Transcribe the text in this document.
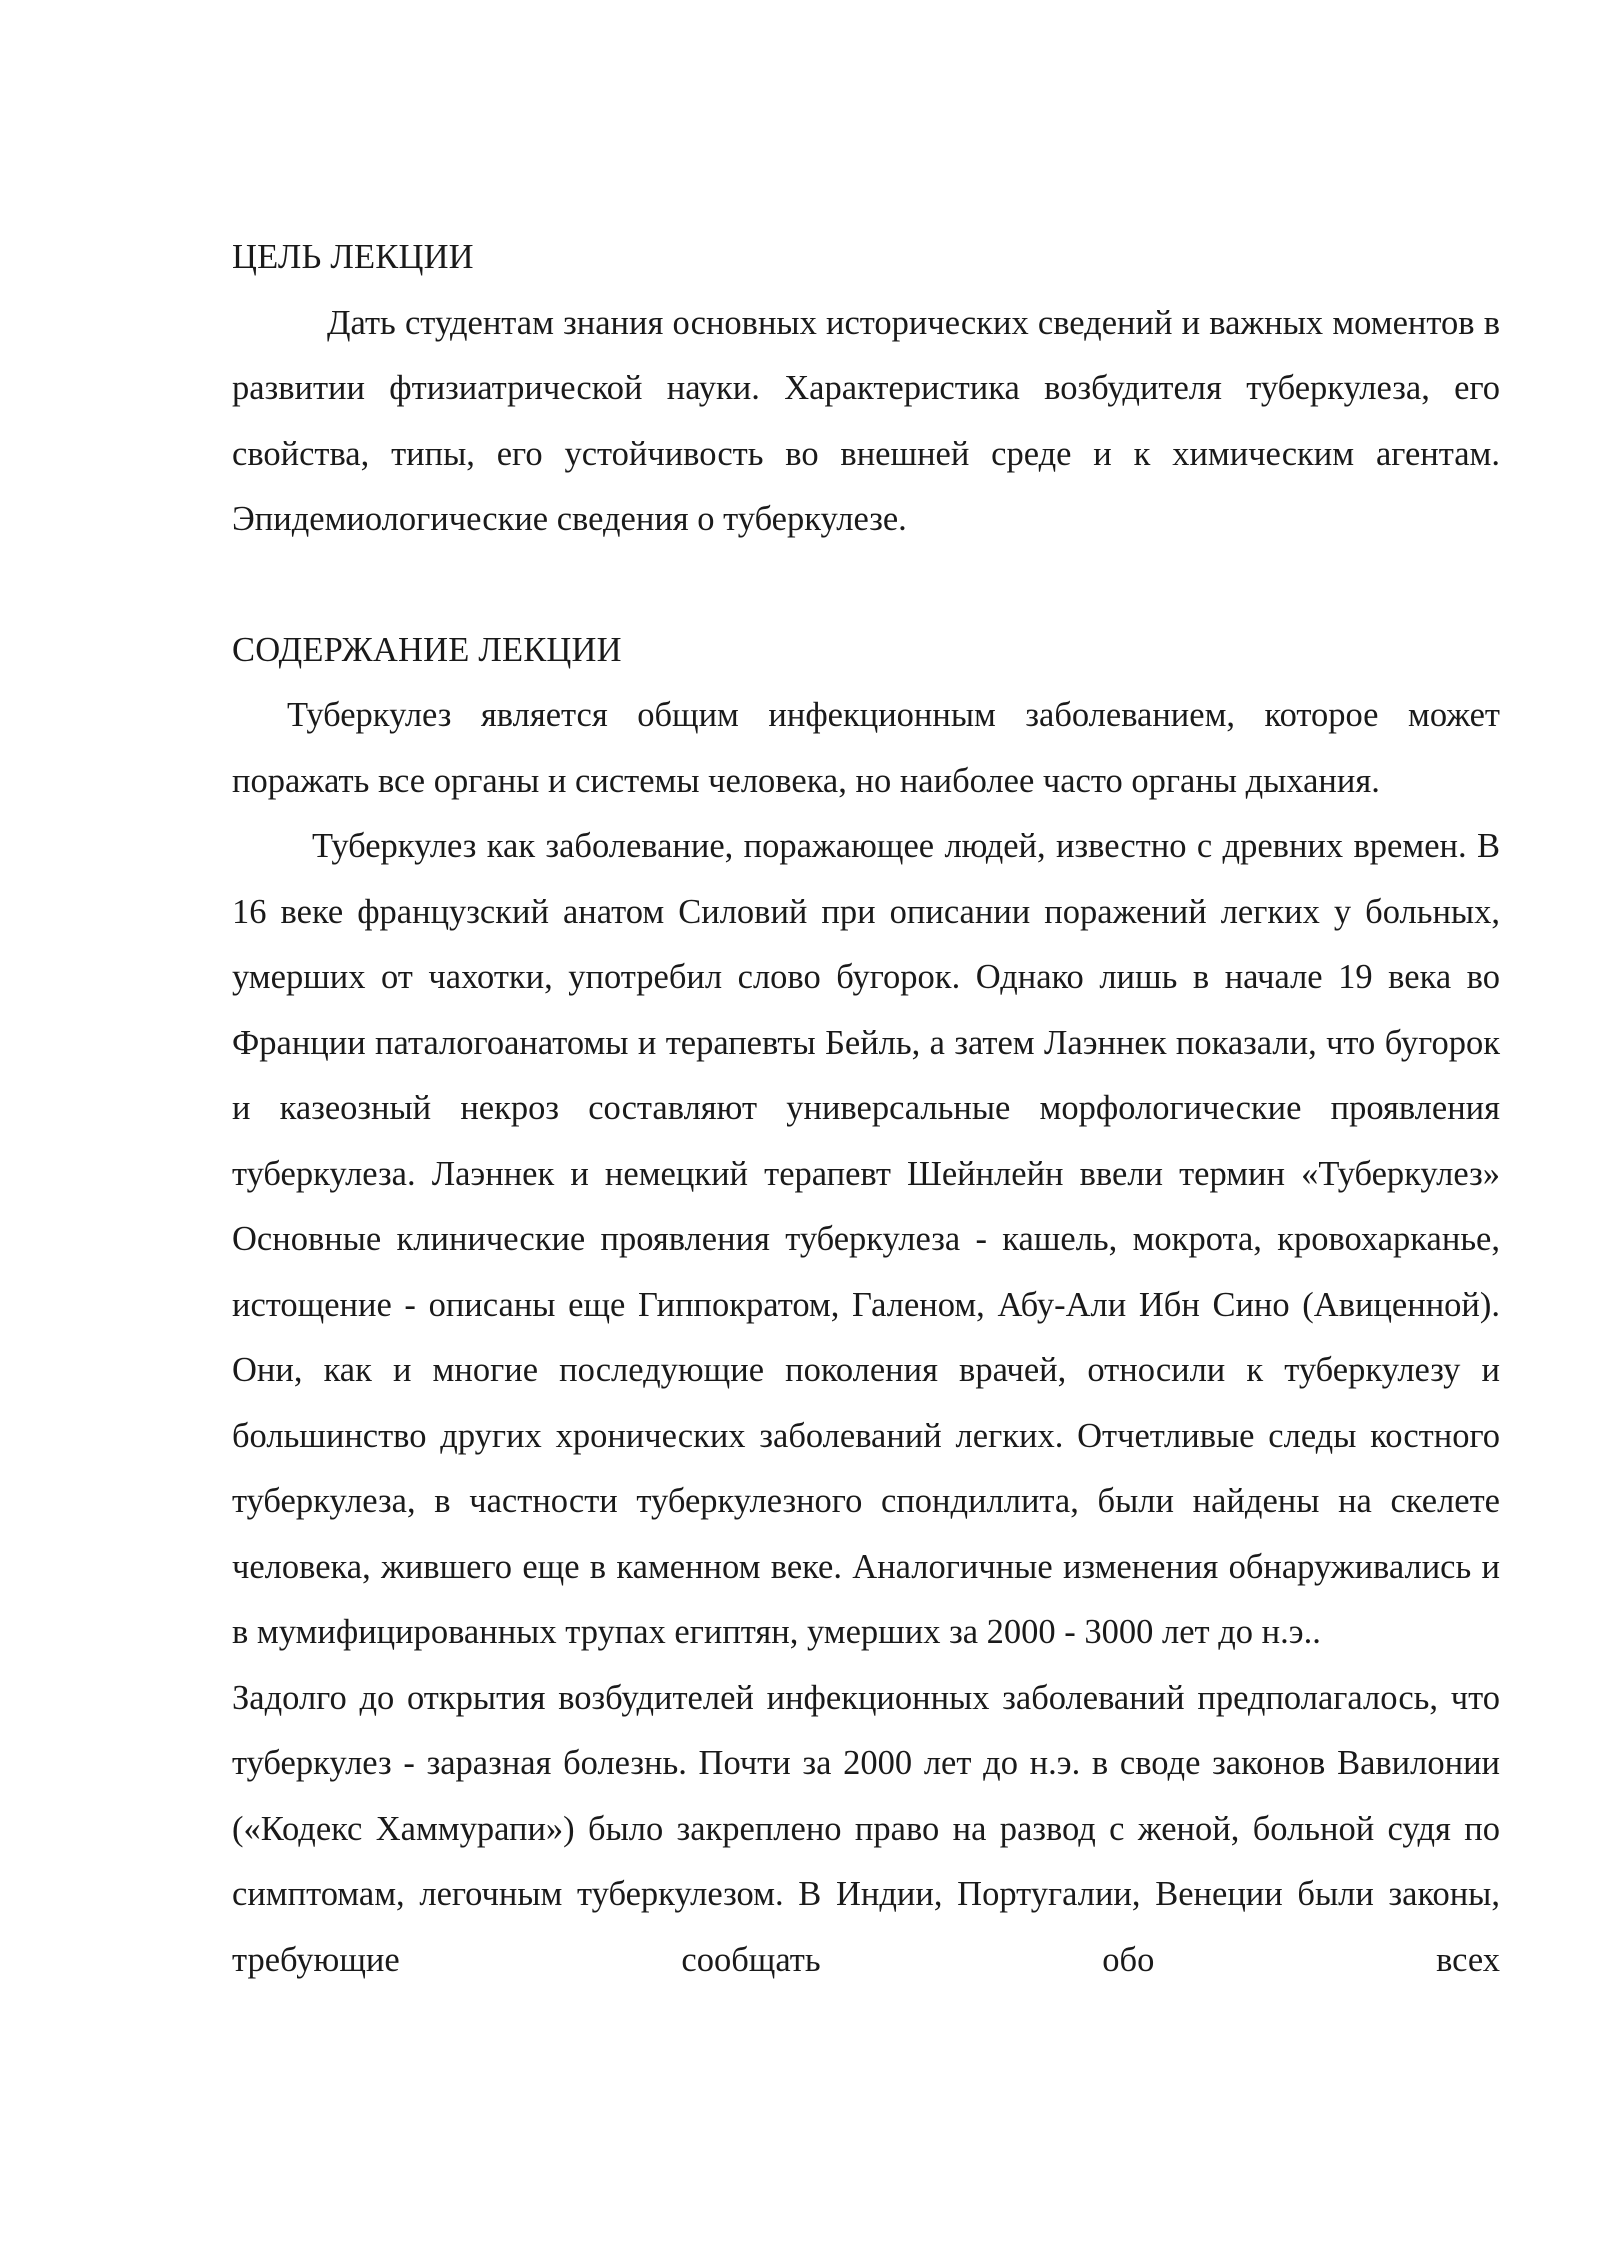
ЦЕЛЬ ЛЕКЦИИ

Дать студентам знания основных исторических сведений и важных моментов в развитии фтизиатрической науки. Характеристика возбудителя туберкулеза, его свойства, типы, его устойчивость во внешней среде и к химическим агентам. Эпидемиологические сведения о туберкулезе.

СОДЕРЖАНИЕ ЛЕКЦИИ

Туберкулез является общим инфекционным заболеванием, которое может поражать все органы и системы человека, но наиболее часто органы дыхания.

Туберкулез как заболевание, поражающее людей, известно с древних времен. В 16 веке французский анатом Силовий при описании поражений легких у больных, умерших от чахотки, употребил слово бугорок. Однако лишь в начале 19 века во Франции паталогоанатомы и терапевты Бейль, а затем Лаэннек показали, что бугорок и казеозный некроз составляют универсальные морфологические проявления туберкулеза. Лаэннек и немецкий терапевт Шейнлейн ввели термин «Туберкулез» Основные клинические проявления туберкулеза - кашель, мокрота, кровохарканье, истощение - описаны еще Гиппократом, Галеном, Абу-Али Ибн Сино (Авиценной). Они, как и многие последующие поколения врачей, относили к туберкулезу и большинство других хронических заболеваний легких. Отчетливые следы костного туберкулеза, в частности туберкулезного спондиллита, были найдены на скелете человека, жившего еще в каменном веке. Аналогичные изменения обнаруживались и в мумифицированных трупах египтян, умерших за 2000 - 3000 лет до н.э..

Задолго до открытия возбудителей инфекционных заболеваний предполагалось, что туберкулез - заразная болезнь. Почти за 2000 лет до н.э. в своде законов Вавилонии («Кодекс Хаммурапи») было закреплено право на развод с женой, больной судя по симптомам, легочным туберкулезом. В Индии, Португалии, Венеции были законы, требующие сообщать обо всех
